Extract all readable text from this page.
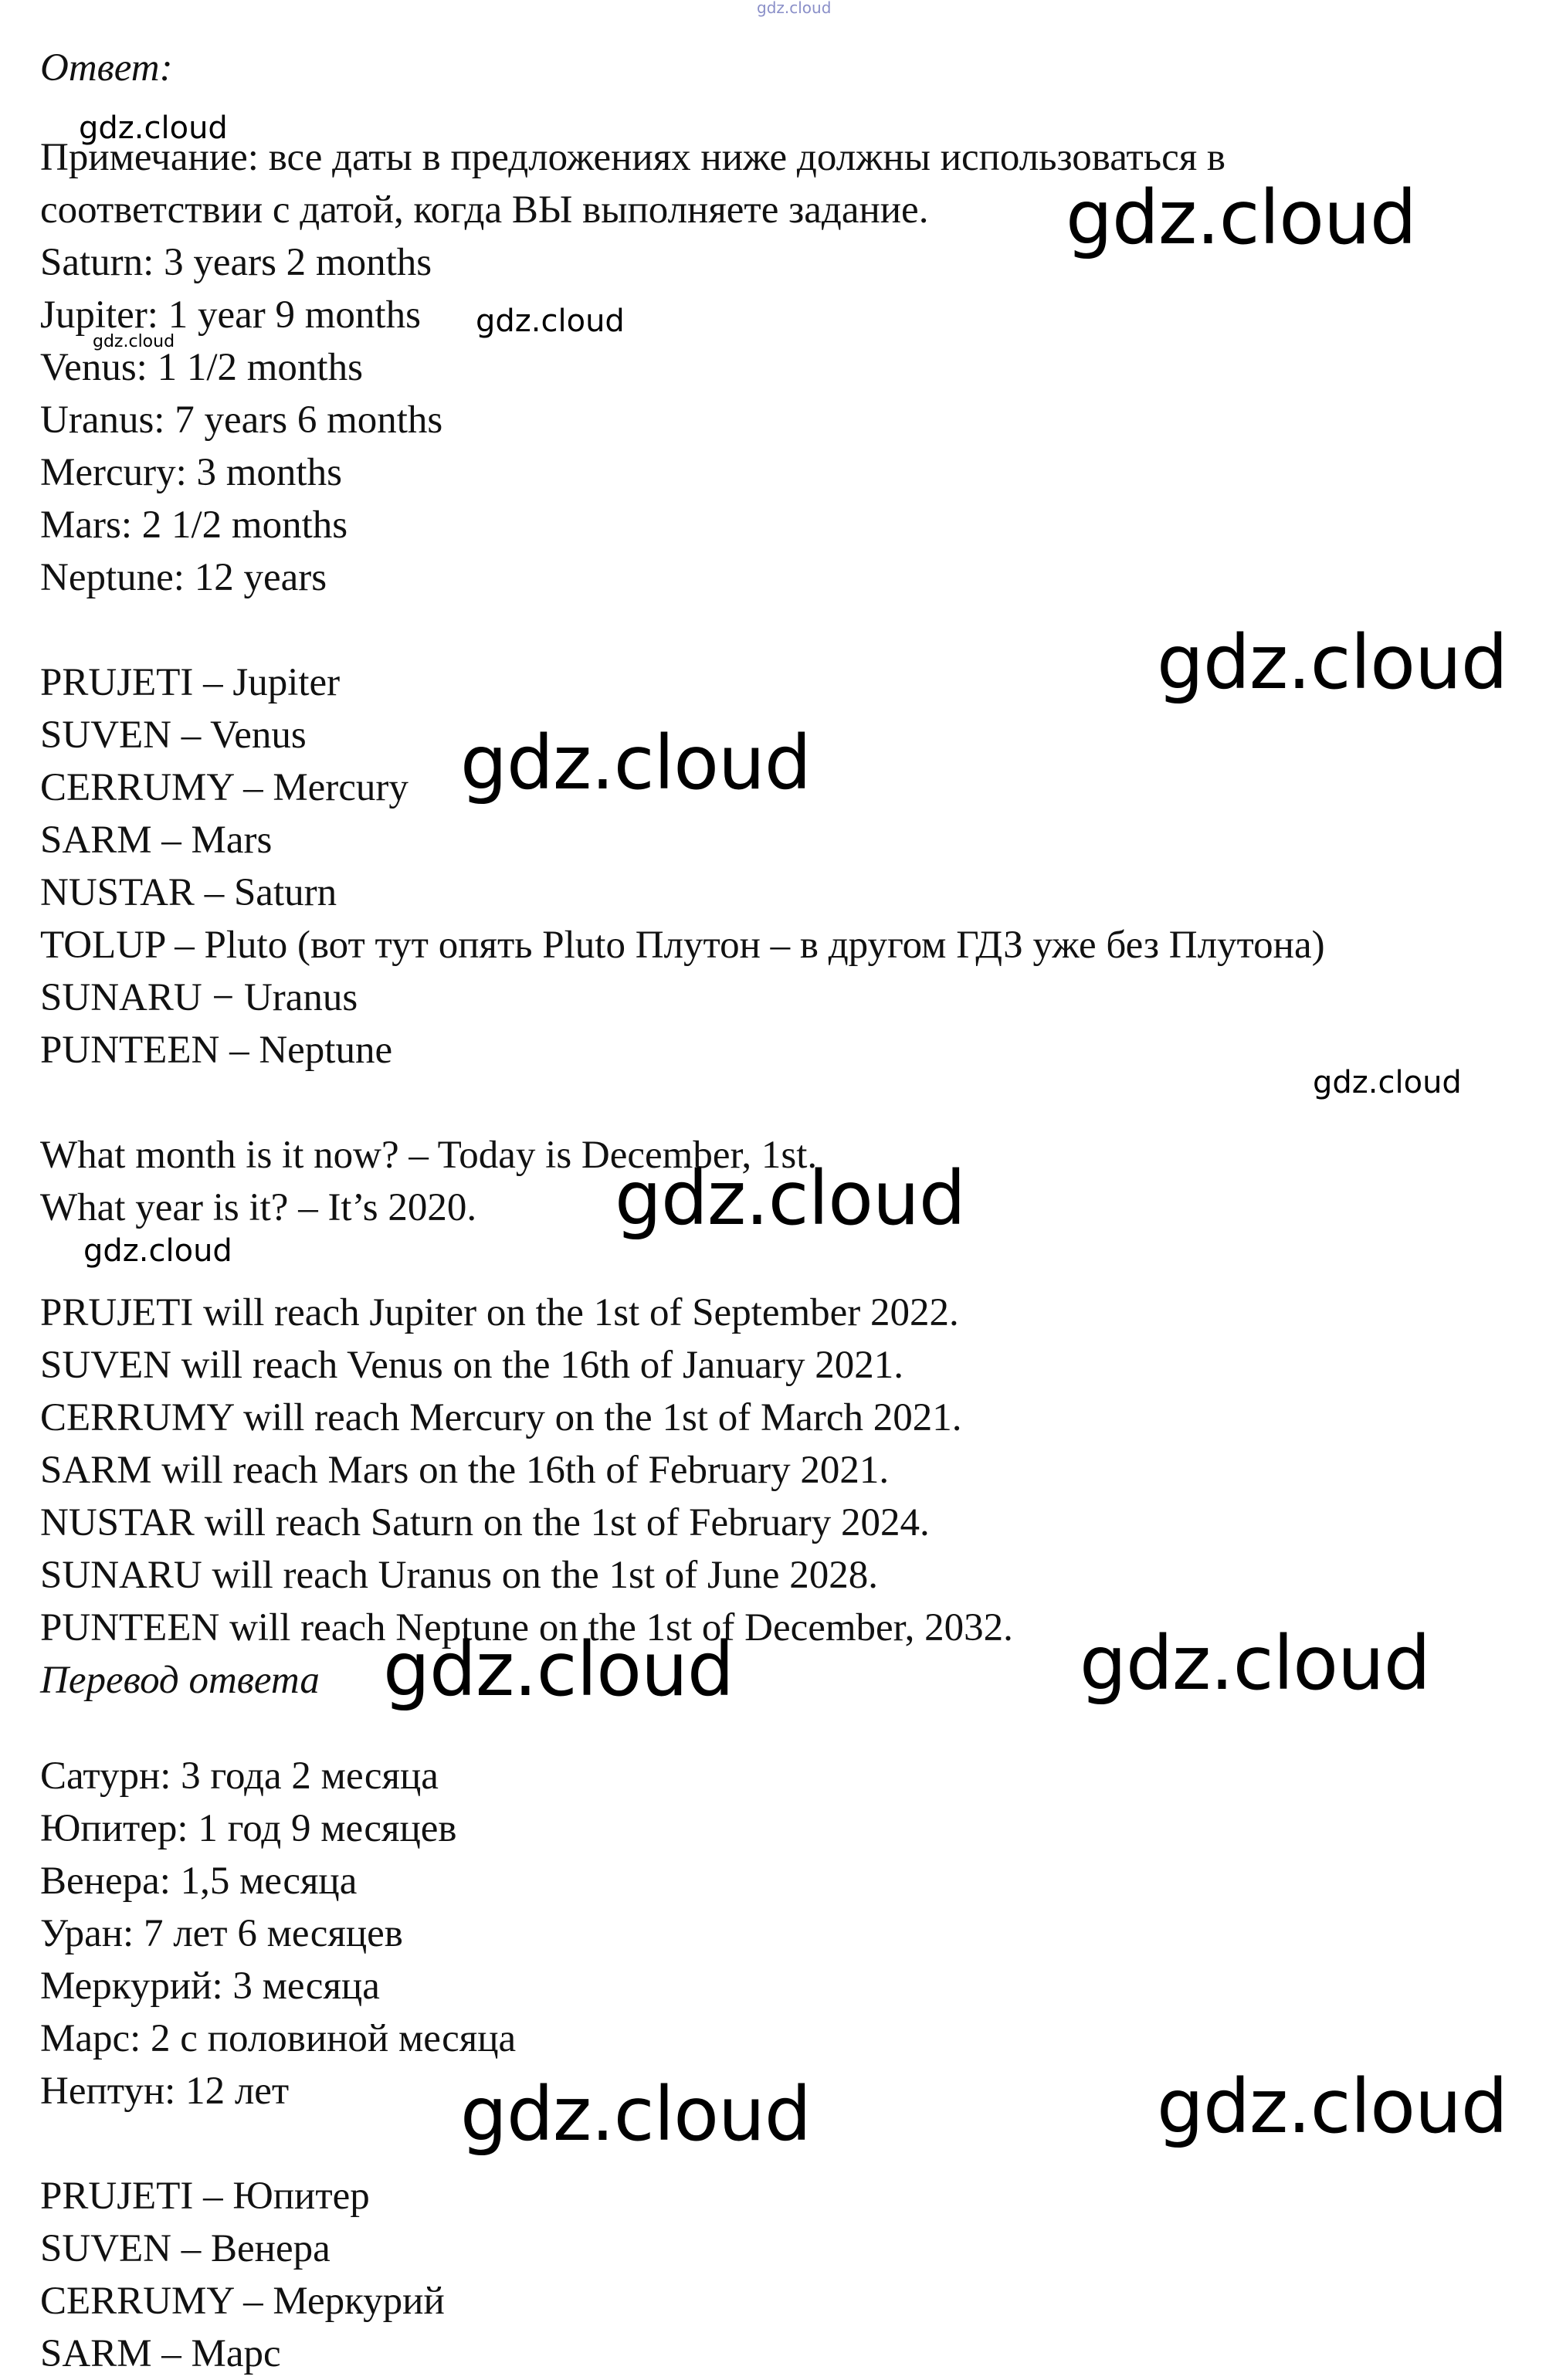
Ответ:

Примечание: все даты в предложениях ниже должны использоваться в

соответствии с датой, когда ВЫ выполняете задание.

Saturn: 3 years 2 months

Jupiter: 1 year 9 months

Venus: 1 1/2 months

Uranus: 7 years 6 months

Mercury: 3 months

Mars: 2 1/2 months

Neptune: 12 years

PRUJETI – Jupiter

SUVEN – Venus

CERRUMY – Mercury

SARM – Mars

NUSTAR – Saturn

TOLUP – Pluto (вот тут опять Pluto Плутон – в другом ГДЗ уже без Плутона)

SUNARU − Uranus

PUNTEEN – Neptune

What month is it now? – Today is December, 1st.

What year is it? – It’s 2020.

PRUJETI will reach Jupiter on the 1st of September 2022.

SUVEN will reach Venus on the 16th of January 2021.

CERRUMY will reach Mercury on the 1st of March 2021.

SARM will reach Mars on the 16th of February 2021.

NUSTAR will reach Saturn on the 1st of February 2024.

SUNARU will reach Uranus on the 1st of June 2028.

PUNTEEN will reach Neptune on the 1st of December, 2032.

Перевод ответа

Сатурн: 3 года 2 месяца

Юпитер: 1 год 9 месяцев

Венера: 1,5 месяца

Уран: 7 лет 6 месяцев

Меркурий: 3 месяца

Марс: 2 с половиной месяца

Нептун: 12 лет

PRUJETI – Юпитер

SUVEN – Венера

CERRUMY – Меркурий

SARM – Марс

gdz.cloud
gdz.cloud
gdz.cloud
gdz.cloud
gdz.cloud
gdz.cloud
gdz.cloud
gdz.cloud
gdz.cloud
gdz.cloud
gdz.cloud	gdz.cloud
gdz.cloud	gdz.cloud
